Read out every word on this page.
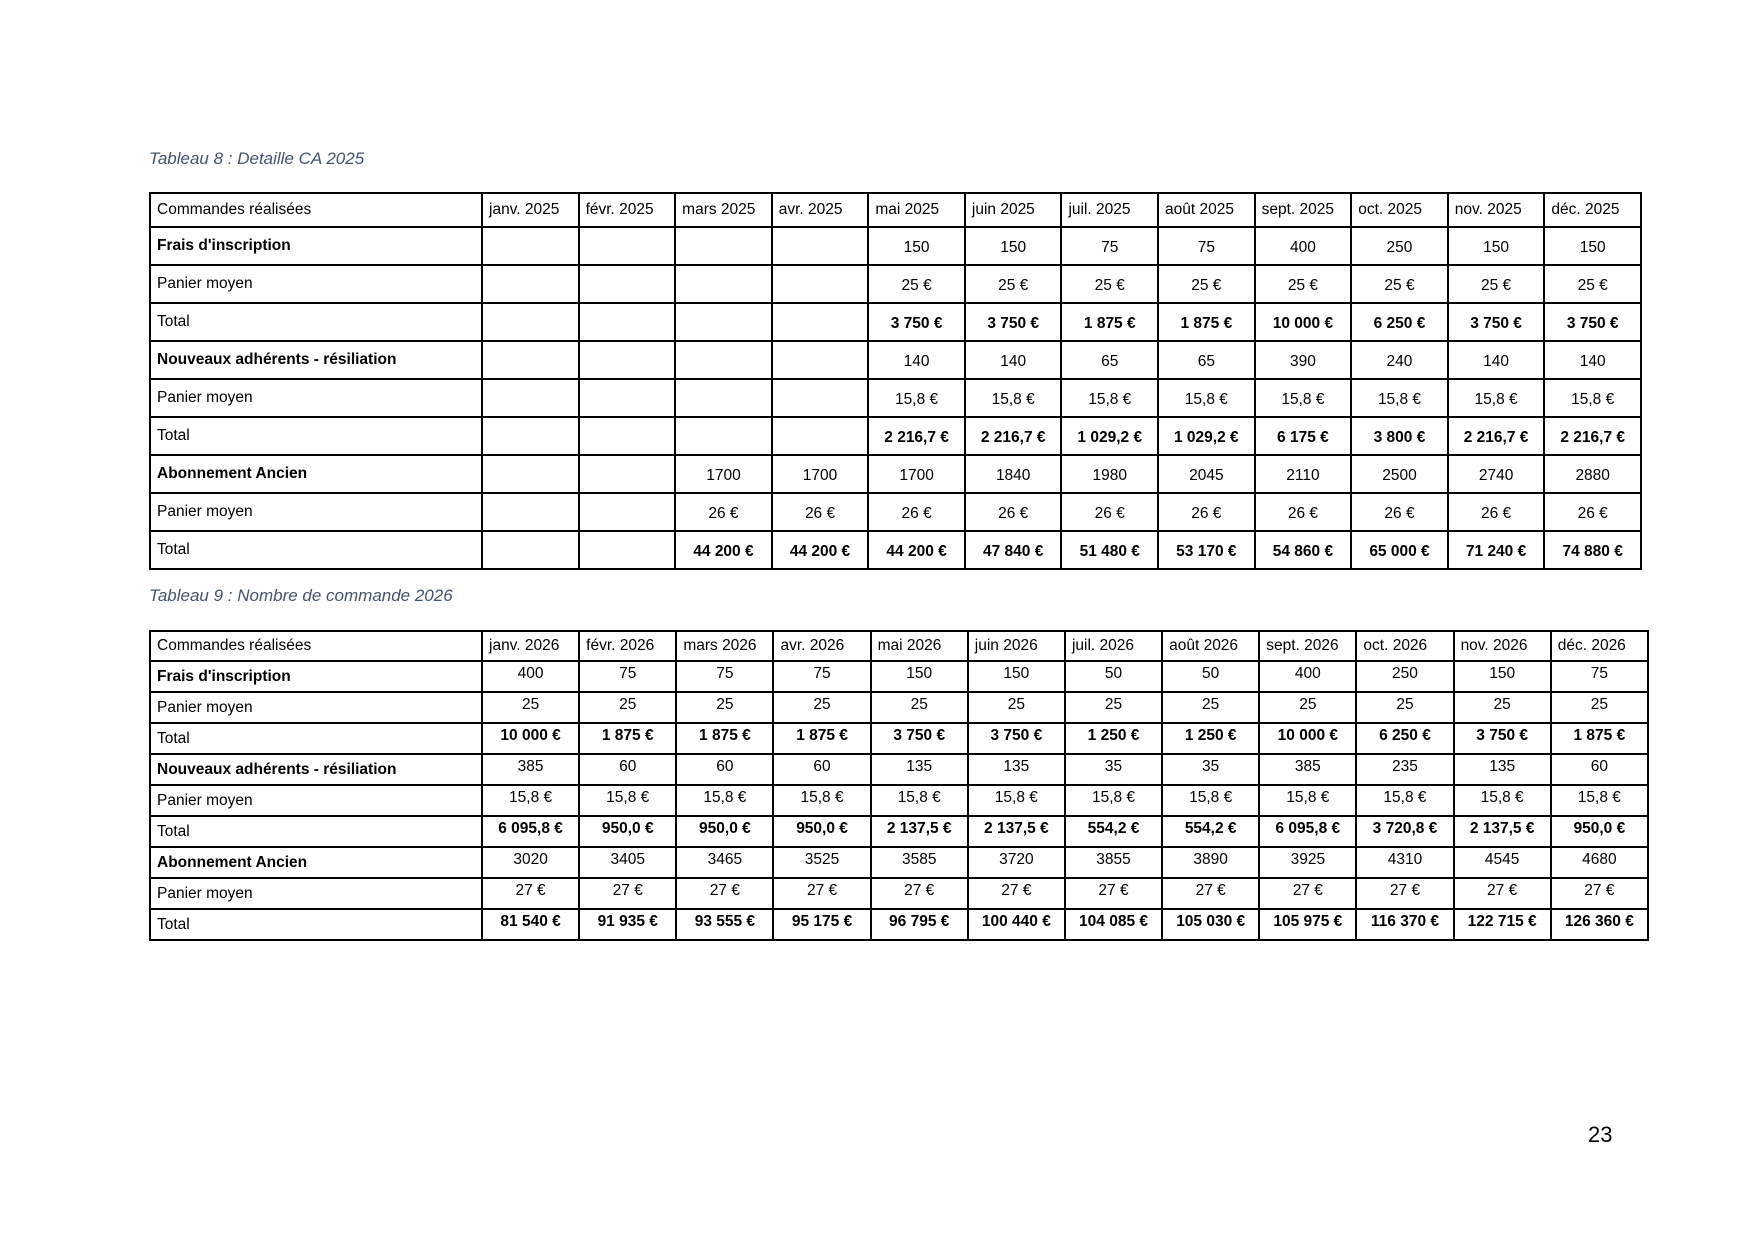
Tableau 8 : Detaille CA 2025

Commandes réalisées	janv. 2025	févr. 2025	mars 2025	avr. 2025	mai 2025	juin 2025	juil. 2025	août 2025	sept. 2025	oct. 2025	nov. 2025	déc. 2025
Frais d'inscription					150	150	75	75	400	250	150	150
Panier moyen					25 €	25 €	25 €	25 €	25 €	25 €	25 €	25 €
Total					3 750 €	3 750 €	1 875 €	1 875 €	10 000 €	6 250 €	3 750 €	3 750 €
Nouveaux adhérents - résiliation					140	140	65	65	390	240	140	140
Panier moyen					15,8 €	15,8 €	15,8 €	15,8 €	15,8 €	15,8 €	15,8 €	15,8 €
Total					2 216,7 €	2 216,7 €	1 029,2 €	1 029,2 €	6 175 €	3 800 €	2 216,7 €	2 216,7 €
Abonnement Ancien			1700	1700	1700	1840	1980	2045	2110	2500	2740	2880
Panier moyen			26 €	26 €	26 €	26 €	26 €	26 €	26 €	26 €	26 €	26 €
Total			44 200 €	44 200 €	44 200 €	47 840 €	51 480 €	53 170 €	54 860 €	65 000 €	71 240 €	74 880 €

Tableau 9 : Nombre de commande 2026

Commandes réalisées	janv. 2026	févr. 2026	mars 2026	avr. 2026	mai 2026	juin 2026	juil. 2026	août 2026	sept. 2026	oct. 2026	nov. 2026	déc. 2026
Frais d'inscription	400	75	75	75	150	150	50	50	400	250	150	75
Panier moyen	25	25	25	25	25	25	25	25	25	25	25	25
Total	10 000 €	1 875 €	1 875 €	1 875 €	3 750 €	3 750 €	1 250 €	1 250 €	10 000 €	6 250 €	3 750 €	1 875 €
Nouveaux adhérents - résiliation	385	60	60	60	135	135	35	35	385	235	135	60
Panier moyen	15,8 €	15,8 €	15,8 €	15,8 €	15,8 €	15,8 €	15,8 €	15,8 €	15,8 €	15,8 €	15,8 €	15,8 €
Total	6 095,8 €	950,0 €	950,0 €	950,0 €	2 137,5 €	2 137,5 €	554,2 €	554,2 €	6 095,8 €	3 720,8 €	2 137,5 €	950,0 €
Abonnement Ancien	3020	3405	3465	3525	3585	3720	3855	3890	3925	4310	4545	4680
Panier moyen	27 €	27 €	27 €	27 €	27 €	27 €	27 €	27 €	27 €	27 €	27 €	27 €
Total	81 540 €	91 935 €	93 555 €	95 175 €	96 795 €	100 440 €	104 085 €	105 030 €	105 975 €	116 370 €	122 715 €	126 360 €

23
